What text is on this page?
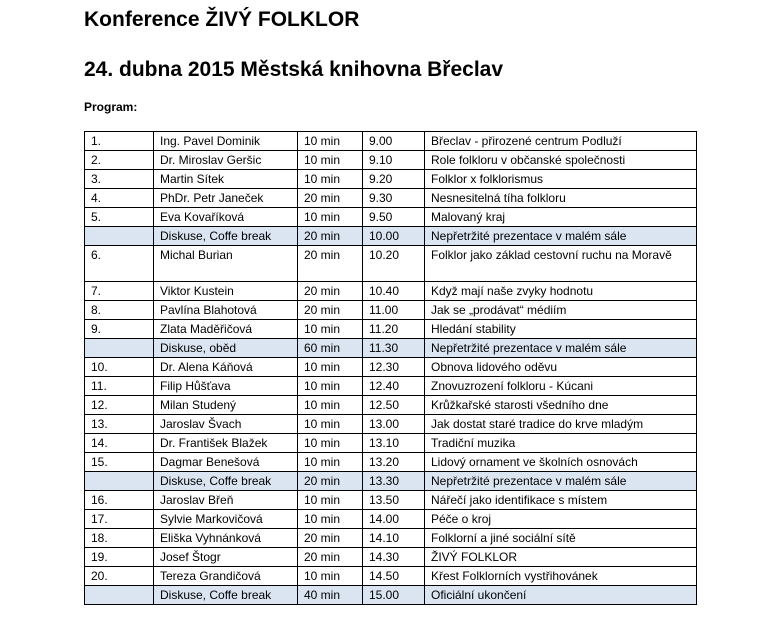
Konference ŽIVÝ FOLKLOR
24. dubna 2015 Městská knihovna Břeclav
Program:
1.	Ing. Pavel Dominik	10 min	9.00	Břeclav - přirozené centrum Podluží
2.	Dr. Miroslav Geršic	10 min	9.10	Role folkloru v občanské společnosti
3.	Martin Sítek	10 min	9.20	Folklor x folklorismus
4.	PhDr. Petr Janeček	20 min	9.30	Nesnesitelná tíha folkloru
5.	Eva Kovaříková	10 min	9.50	Malovaný kraj
	Diskuse, Coffe break	20 min	10.00	Nepřetržité prezentace v malém sále
6.	Michal Burian	20 min	10.20	Folklor jako základ cestovní ruchu na Moravě
7.	Viktor Kustein	20 min	10.40	Když mají naše zvyky hodnotu
8.	Pavlína Blahotová	20 min	11.00	Jak se „prodávat“ médiím
9.	Zlata Maděřičová	10 min	11.20	Hledání stability
	Diskuse, oběd	60 min	11.30	Nepřetržité prezentace v malém sále
10.	Dr. Alena Káňová	10 min	12.30	Obnova lidového oděvu
11.	Filip Hůšťava	10 min	12.40	Znovuzrození folkloru - Kúcani
12.	Milan Studený	10 min	12.50	Krůžkařské starosti všedního dne
13.	Jaroslav Švach	10 min	13.00	Jak dostat staré tradice do krve mladým
14.	Dr. František Blažek	10 min	13.10	Tradiční muzika
15.	Dagmar Benešová	10 min	13.20	Lidový ornament ve školních osnovách
	Diskuse, Coffe break	20 min	13.30	Nepřetržité prezentace v malém sále
16.	Jaroslav Břeň	10 min	13.50	Nářečí jako identifikace s místem
17.	Sylvie Markovičová	10 min	14.00	Péče o kroj
18.	Eliška Vyhnánková	20 min	14.10	Folklorní a jiné sociální sítě
19.	Josef Štogr	20 min	14.30	ŽIVÝ FOLKLOR
20.	Tereza Grandičová	10 min	14.50	Křest Folklorních vystřihovánek
	Diskuse, Coffe break	40 min	15.00	Oficiální ukončení
